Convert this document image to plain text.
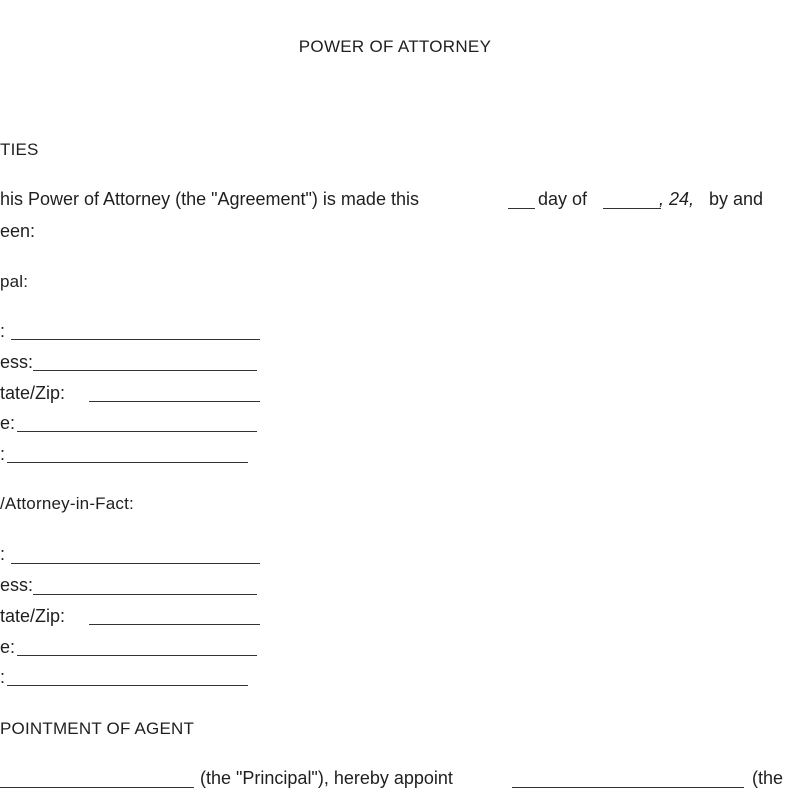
POWER OF ATTORNEY
TIES
his Power of Attorney (the "Agreement") is made this	day of	, 24, by and
een:
pal:
:
ess:
tate/Zip:
e:
:
/Attorney-in-Fact:
:
ess:
tate/Zip:
e:
:
POINTMENT OF AGENT
(the "Principal"), hereby appoint	(the
